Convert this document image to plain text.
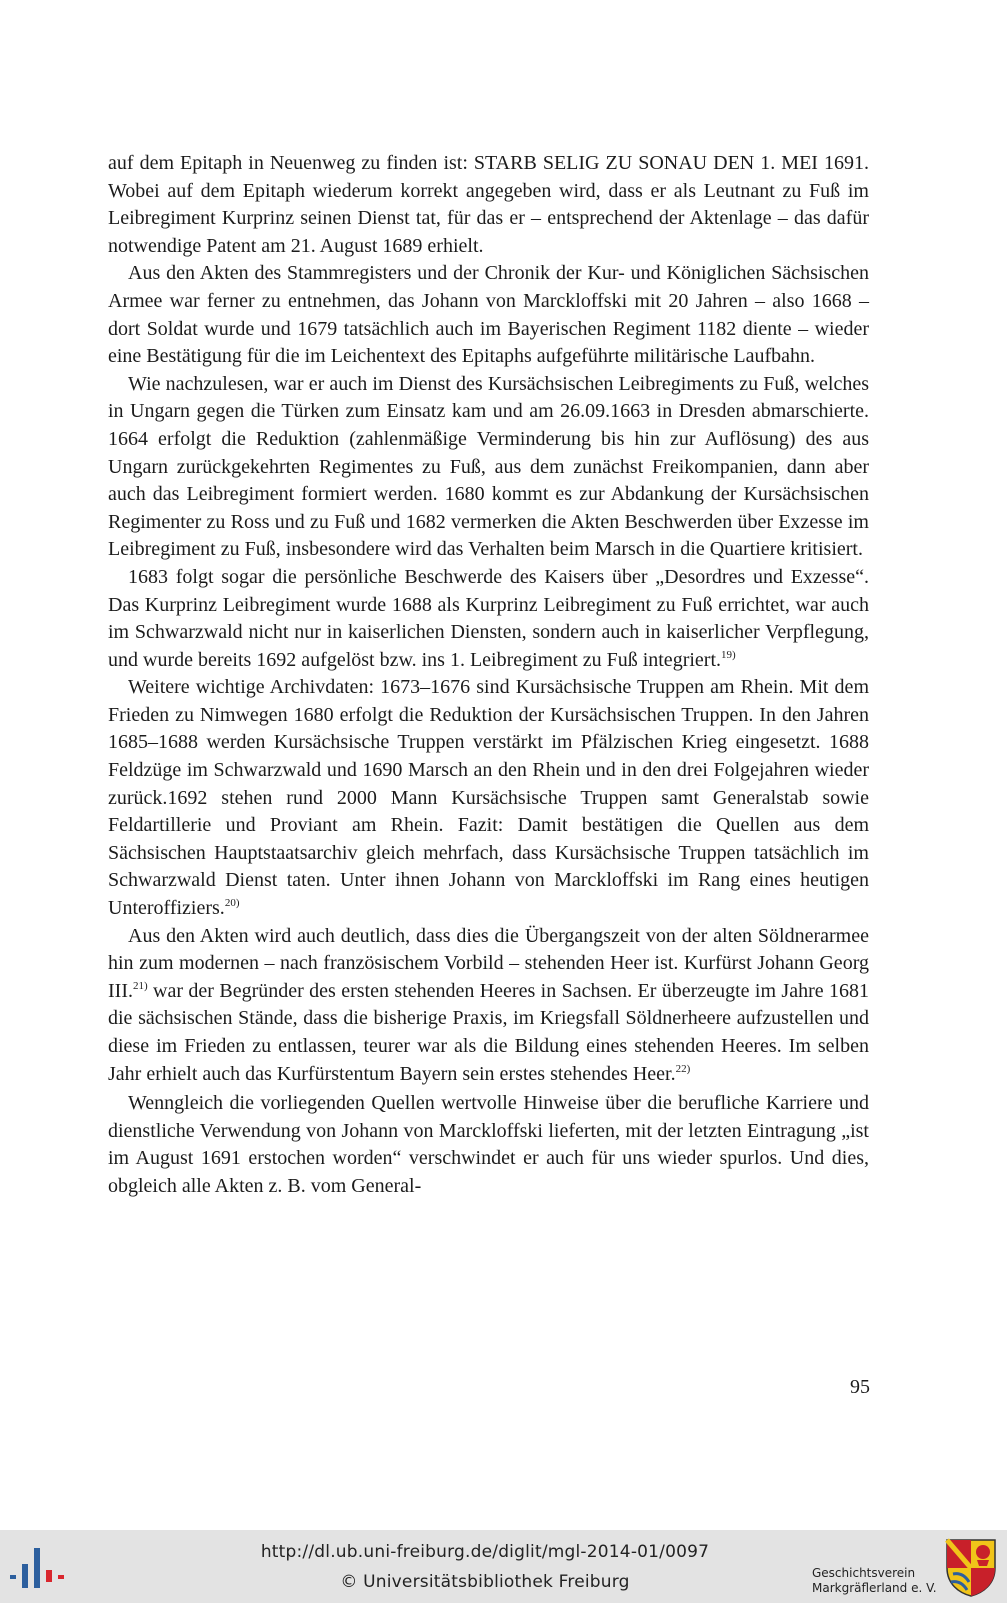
auf dem Epitaph in Neuenweg zu finden ist: STARB SELIG ZU SONAU DEN 1. MEI 1691. Wobei auf dem Epitaph wiederum korrekt angegeben wird, dass er als Leutnant zu Fuß im Leibregiment Kurprinz seinen Dienst tat, für das er – entsprechend der Aktenlage – das dafür notwendige Patent am 21. August 1689 erhielt.

Aus den Akten des Stammregisters und der Chronik der Kur- und Königlichen Sächsischen Armee war ferner zu entnehmen, das Johann von Marckloffski mit 20 Jahren – also 1668 – dort Soldat wurde und 1679 tatsächlich auch im Bayerischen Regiment 1182 diente – wieder eine Bestätigung für die im Leichentext des Epitaphs aufgeführte militärische Laufbahn.

Wie nachzulesen, war er auch im Dienst des Kursächsischen Leibregiments zu Fuß, welches in Ungarn gegen die Türken zum Einsatz kam und am 26.09.1663 in Dresden abmarschierte. 1664 erfolgt die Reduktion (zahlenmäßige Verminderung bis hin zur Auflösung) des aus Ungarn zurückgekehrten Regimentes zu Fuß, aus dem zunächst Freikompanien, dann aber auch das Leibregiment formiert werden. 1680 kommt es zur Abdankung der Kursächsischen Regimenter zu Ross und zu Fuß und 1682 vermerken die Akten Beschwerden über Exzesse im Leibregiment zu Fuß, insbesondere wird das Verhalten beim Marsch in die Quartiere kritisiert.

1683 folgt sogar die persönliche Beschwerde des Kaisers über „Desordres und Exzesse“. Das Kurprinz Leibregiment wurde 1688 als Kurprinz Leibregiment zu Fuß errichtet, war auch im Schwarzwald nicht nur in kaiserlichen Diensten, sondern auch in kaiserlicher Verpflegung, und wurde bereits 1692 aufgelöst bzw. ins 1. Leibregiment zu Fuß integriert.$^{19)}$

Weitere wichtige Archivdaten: 1673–1676 sind Kursächsische Truppen am Rhein. Mit dem Frieden zu Nimwegen 1680 erfolgt die Reduktion der Kursächsischen Truppen. In den Jahren 1685–1688 werden Kursächsische Truppen verstärkt im Pfälzischen Krieg eingesetzt. 1688 Feldzüge im Schwarzwald und 1690 Marsch an den Rhein und in den drei Folgejahren wieder zurück.1692 stehen rund 2000 Mann Kursächsische Truppen samt Generalstab sowie Feldartillerie und Proviant am Rhein. Fazit: Damit bestätigen die Quellen aus dem Sächsischen Hauptstaatsarchiv gleich mehrfach, dass Kursächsische Truppen tatsächlich im Schwarzwald Dienst taten. Unter ihnen Johann von Marckloffski im Rang eines heutigen Unteroffiziers.$^{20)}$

Aus den Akten wird auch deutlich, dass dies die Übergangszeit von der alten Söldnerarmee hin zum modernen – nach französischem Vorbild – stehenden Heer ist. Kurfürst Johann Georg III.$^{21)}$ war der Begründer des ersten stehenden Heeres in Sachsen. Er überzeugte im Jahre 1681 die sächsischen Stände, dass die bisherige Praxis, im Kriegsfall Söldnerheere aufzustellen und diese im Frieden zu entlassen, teurer war als die Bildung eines stehenden Heeres. Im selben Jahr erhielt auch das Kurfürstentum Bayern sein erstes stehendes Heer.$^{22)}$

Wenngleich die vorliegenden Quellen wertvolle Hinweise über die berufliche Karriere und dienstliche Verwendung von Johann von Marckloffski lieferten, mit der letzten Eintragung „ist im August 1691 erstochen worden“ verschwindet er auch für uns wieder spurlos. Und dies, obgleich alle Akten z. B. vom General-

95
http://dl.ub.uni-freiburg.de/diglit/mgl-2014-01/0097
© Universitätsbibliothek Freiburg	Geschichtsverein
Markgräflerland e. V.
